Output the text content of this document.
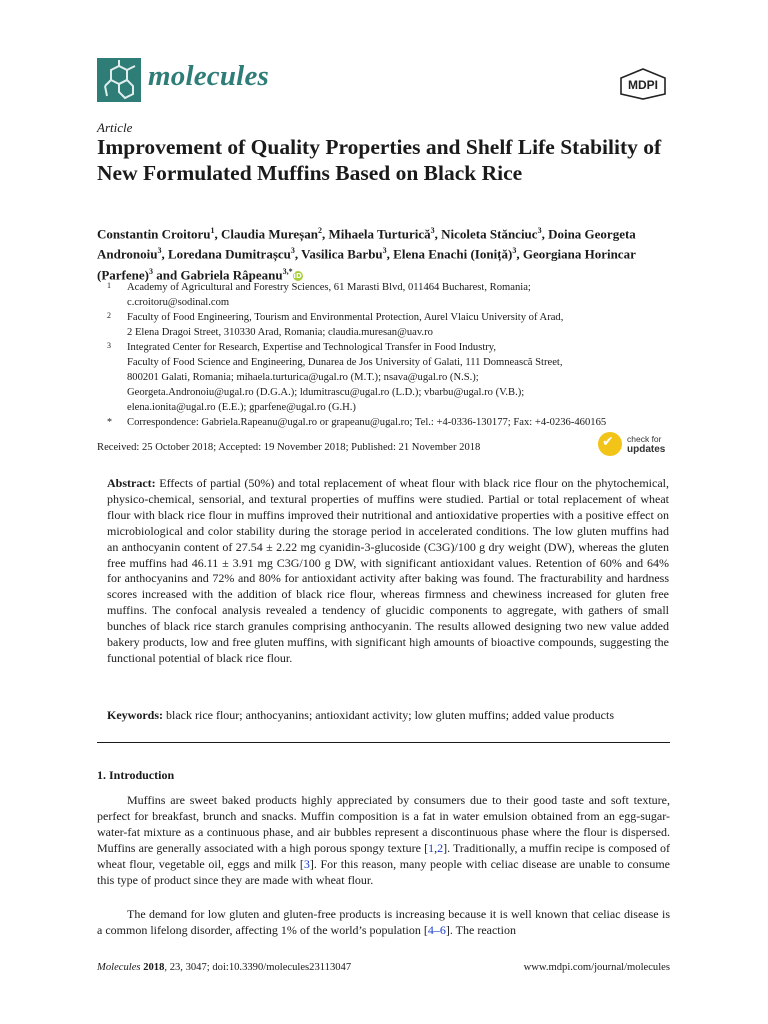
molecules	MDPI
Article
Improvement of Quality Properties and Shelf Life Stability of New Formulated Muffins Based on Black Rice
Constantin Croitoru$^1$, Claudia Mureșan$^2$, Mihaela Turturică$^3$, Nicoleta Stănciuc$^3$, Doina Georgeta Andronoiu$^3$, Loredana Dumitrașcu$^3$, Vasilica Barbu$^3$, Elena Enachi (Ioniță)$^3$, Georgiana Horincar (Parfene)$^3$ and Gabriela Râpeanu$^{3,*}$iD
1 Academy of Agricultural and Forestry Sciences, 61 Marasti Blvd, 011464 Bucharest, Romania;
c.croitoru@sodinal.com
2 Faculty of Food Engineering, Tourism and Environmental Protection, Aurel Vlaicu University of Arad,
2 Elena Dragoi Street, 310330 Arad, Romania; claudia.muresan@uav.ro
3 Integrated Center for Research, Expertise and Technological Transfer in Food Industry,
Faculty of Food Science and Engineering, Dunarea de Jos University of Galati, 111 Domnească Street,
800201 Galati, Romania; mihaela.turturica@ugal.ro (M.T.); nsava@ugal.ro (N.S.);
Georgeta.Andronoiu@ugal.ro (D.G.A.); ldumitrascu@ugal.ro (L.D.); vbarbu@ugal.ro (V.B.);
elena.ionita@ugal.ro (E.E.); gparfene@ugal.ro (G.H.)
* Correspondence: Gabriela.Rapeanu@ugal.ro or grapeanu@ugal.ro; Tel.: +4-0336-130177; Fax: +4-0236-460165
Received: 25 October 2018; Accepted: 19 November 2018; Published: 21 November 2018	✔ check for
updates

Abstract: Effects of partial (50%) and total replacement of wheat flour with black rice flour on the phytochemical, physico-chemical, sensorial, and textural properties of muffins were studied. Partial or total replacement of wheat flour with black rice flour in muffins improved their nutritional and antioxidative properties with a positive effect on microbiological and color stability during the storage period in accelerated conditions. The low gluten muffins had an anthocyanin content of 27.54 ± 2.22 mg cyanidin-3-glucoside (C3G)/100 g dry weight (DW), whereas the gluten free muffins had 46.11 ± 3.91 mg C3G/100 g DW, with significant antioxidant values. Retention of 60% and 64% for anthocyanins and 72% and 80% for antioxidant activity after baking was found. The fracturability and hardness scores increased with the addition of black rice flour, whereas firmness and chewiness increased for gluten free muffins. The confocal analysis revealed a tendency of glucidic components to aggregate, with gathers of small bunches of black rice starch granules comprising anthocyanin. The results allowed designing two new value added bakery products, low and free gluten muffins, with significant high amounts of bioactive compounds, suggesting the functional potential of black rice flour.

Keywords: black rice flour; anthocyanins; antioxidant activity; low gluten muffins; added value products

1. Introduction

Muffins are sweet baked products highly appreciated by consumers due to their good taste and soft texture, perfect for breakfast, brunch and snacks. Muffin composition is a fat in water emulsion obtained from an egg-sugar-water-fat mixture as a continuous phase, and air bubbles represent a discontinuous phase where the flour is dispersed. Muffins are generally associated with a high porous spongy texture [1,2]. Traditionally, a muffin recipe is composed of wheat flour, vegetable oil, eggs and milk [3]. For this reason, many people with celiac disease are unable to consume this type of product since they are made with wheat flour.

The demand for low gluten and gluten-free products is increasing because it is well known that celiac disease is a common lifelong disorder, affecting 1% of the world’s population [4–6]. The reaction

Molecules 2018, 23, 3047; doi:10.3390/molecules23113047	www.mdpi.com/journal/molecules
